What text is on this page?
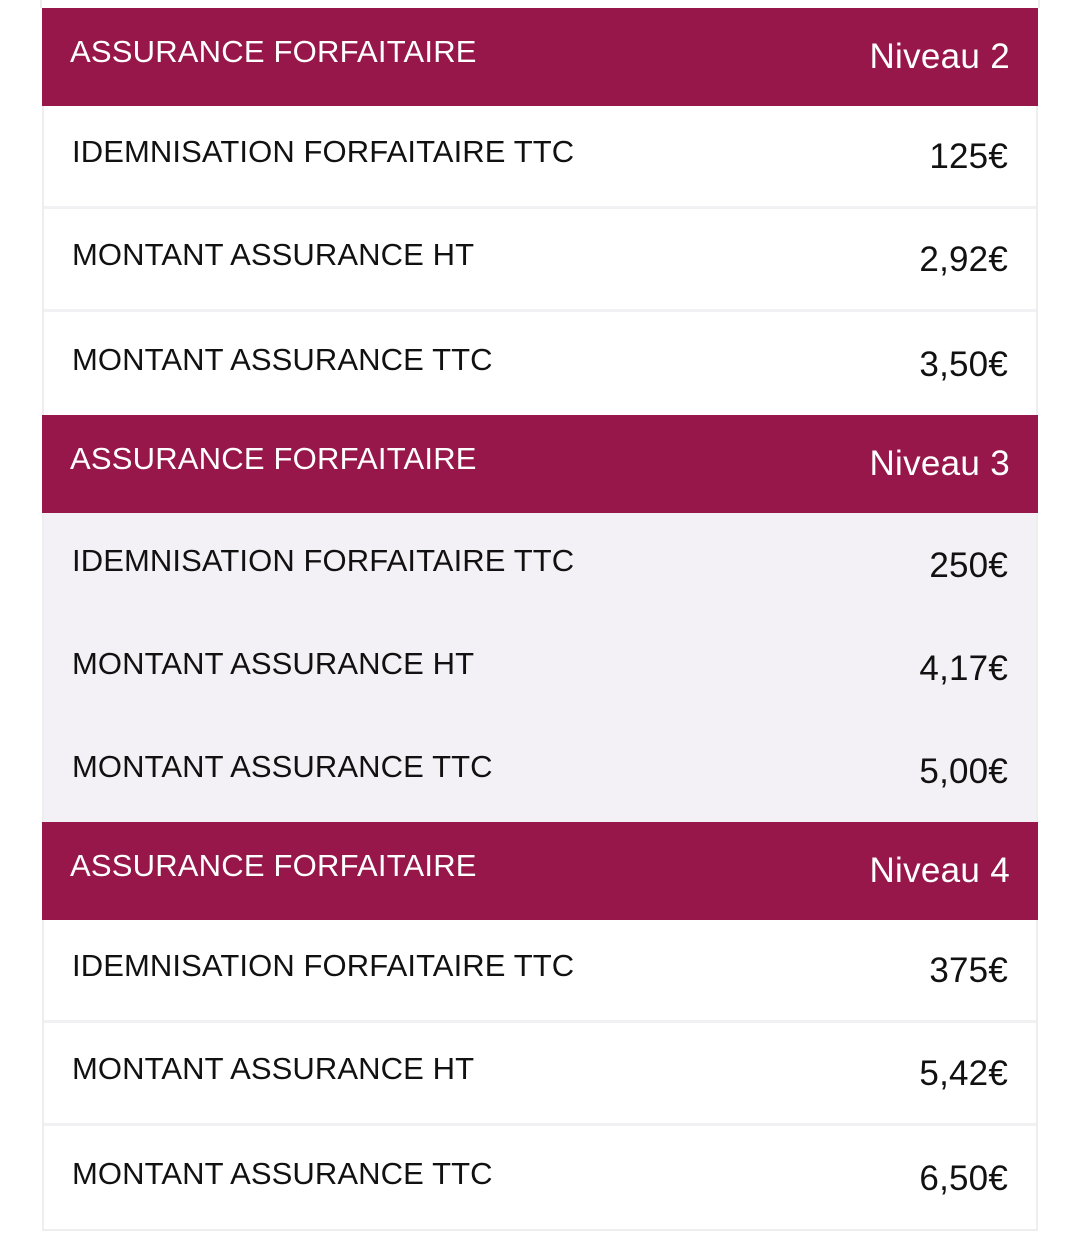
ASSURANCE FORFAITAIRE	Niveau 2
IDEMNISATION FORFAITAIRE TTC	125€
MONTANT ASSURANCE HT	2,92€
MONTANT ASSURANCE TTC	3,50€
ASSURANCE FORFAITAIRE	Niveau 3
IDEMNISATION FORFAITAIRE TTC	250€
MONTANT ASSURANCE HT	4,17€
MONTANT ASSURANCE TTC	5,00€
ASSURANCE FORFAITAIRE	Niveau 4
IDEMNISATION FORFAITAIRE TTC	375€
MONTANT ASSURANCE HT	5,42€
MONTANT ASSURANCE TTC	6,50€
